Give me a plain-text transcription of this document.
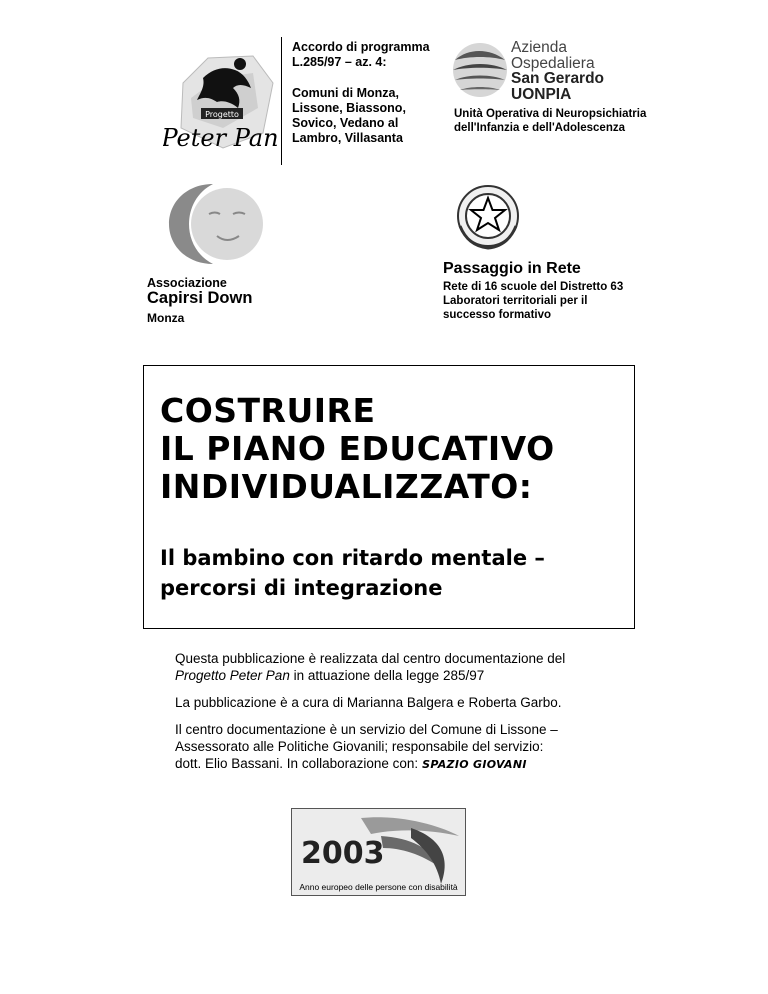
Progetto
Peter Pan
Accordo di programma
L.285/97 – az. 4:
Comuni di Monza,
Lissone, Biassono,
Sovico, Vedano al
Lambro, Villasanta
Azienda
Ospedaliera
San Gerardo
UONPIA
Unità Operativa di Neuropsichiatria
dell'Infanzia e dell'Adolescenza
Associazione
Capirsi Down
Monza
Passaggio in Rete
Rete di 16 scuole del Distretto 63
Laboratori territoriali per il
successo formativo
COSTRUIRE
IL PIANO EDUCATIVO
INDIVIDUALIZZATO:
Il bambino con ritardo mentale –
percorsi di integrazione
Questa pubblicazione è realizzata dal centro documentazione del
Progetto Peter Pan in attuazione della legge 285/97
La pubblicazione è a cura di Marianna Balgera e Roberta Garbo.
Il centro documentazione è un servizio del Comune di Lissone –
Assessorato alle Politiche Giovanili; responsabile del servizio:
dott. Elio Bassani. In collaborazione con: SPAZIO GIOVANI
2003
Anno europeo delle persone con disabilità
